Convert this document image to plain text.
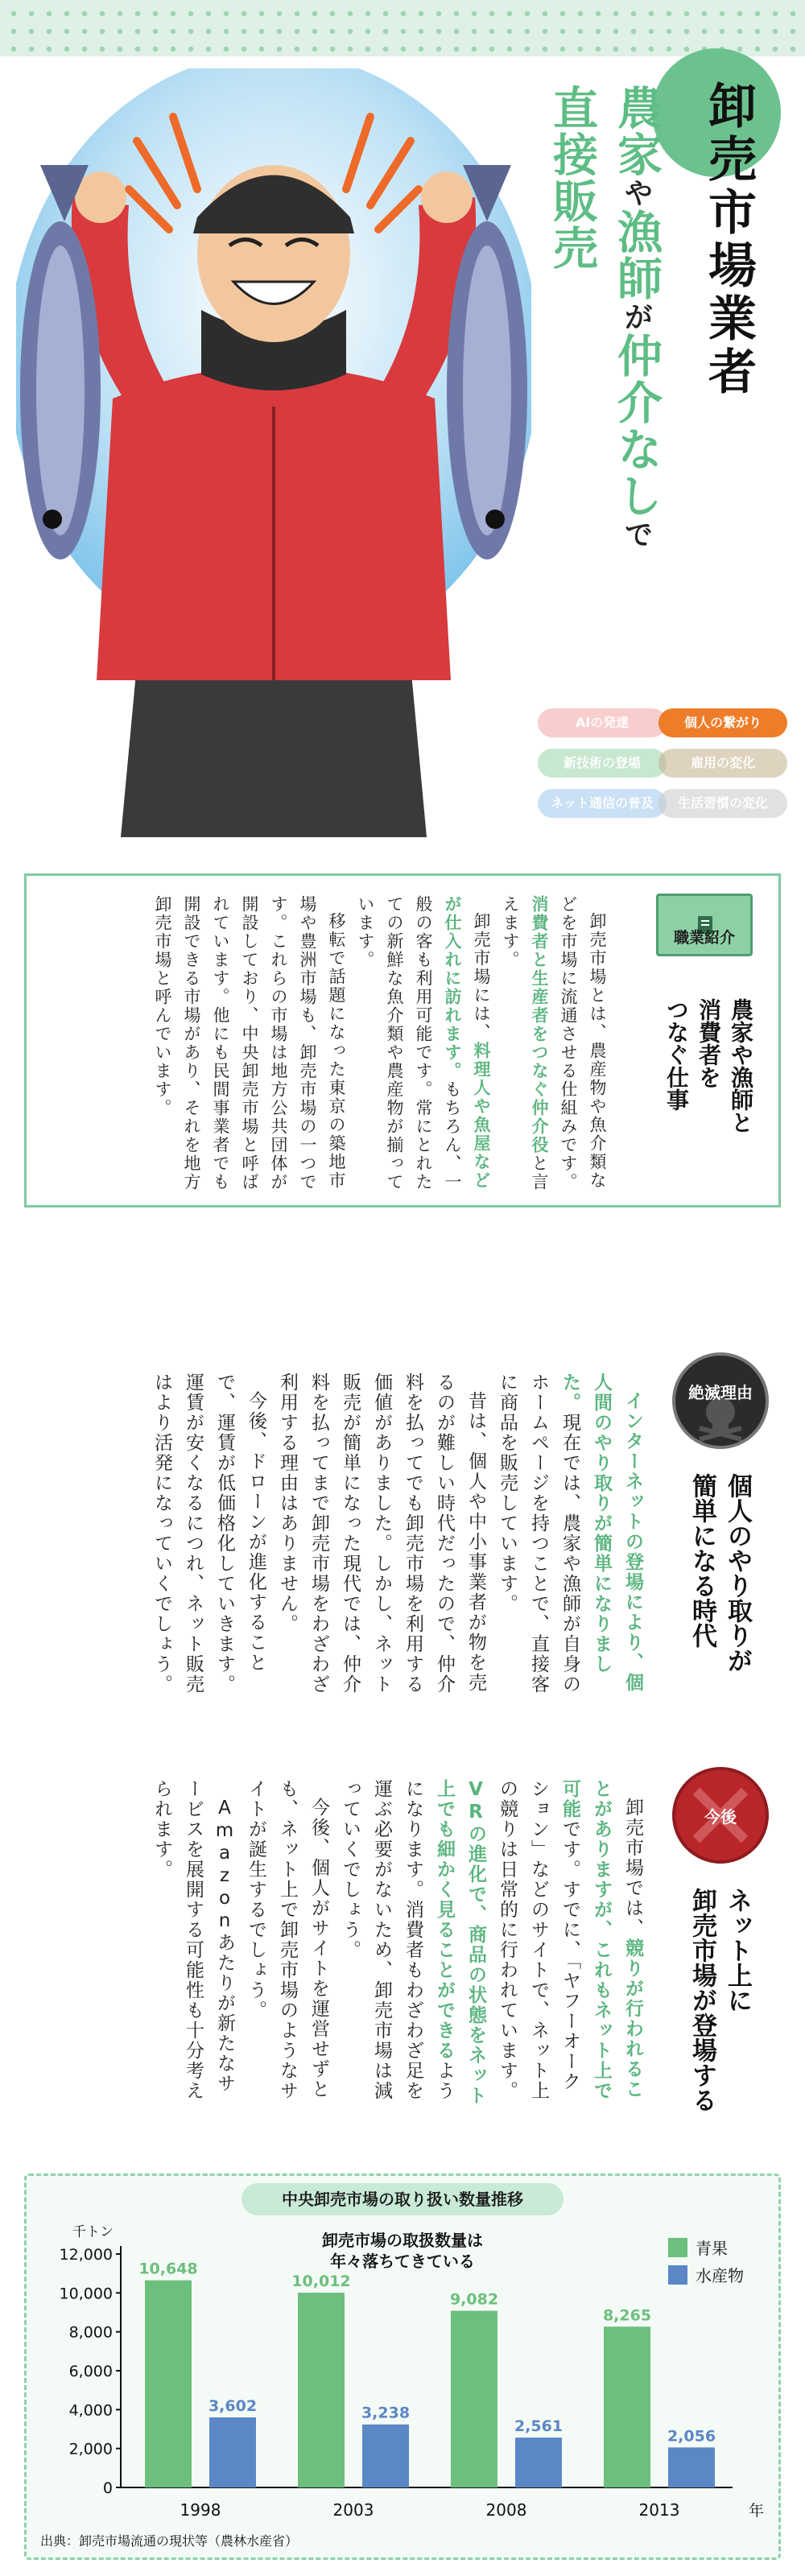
卸売市場業者
農家や漁師が仲介なしで
直接販売
AIの発達	個人の繋がり
新技術の登場	雇用の変化
ネット通信の普及	生活習慣の変化
農家や漁師と
消費者を
つなぐ仕事
卸売市場とは、農産物や魚介類などを市場に流通させる仕組みです。消費者と生産者をつなぐ仲介役と言えます。
卸売市場には、料理人や魚屋などが仕入れに訪れます。もちろん、一般の客も利用可能です。常にとれたての新鮮な魚介類や農産物が揃っています。
移転で話題になった東京の築地市場や豊洲市場も、卸売市場の一つです。これらの市場は地方公共団体が開設しており、中央卸売市場と呼ばれています。他にも民間事業者でも開設できる市場があり、それを地方卸売市場と呼んでいます。
絶滅理由
個人のやり取りが
簡単になる時代
インターネットの登場により、個人間のやり取りが簡単になりました。現在では、農家や漁師が自身のホームページを持つことで、直接客に商品を販売しています。
昔は、個人や中小事業者が物を売るのが難しい時代だったので、仲介料を払ってでも卸売市場を利用する価値がありました。しかし、ネット販売が簡単になった現代では、仲介料を払ってまで卸売市場をわざわざ利用する理由はありません。
今後、ドローンが進化することで、運賃が低価格化していきます。運賃が安くなるにつれ、ネット販売はより活発になっていくでしょう。
今後
ネット上に
卸売市場が登場する
卸売市場では、競りが行われることがありますが、これもネット上で可能です。すでに、「ヤフーオークション」などのサイトで、ネット上の競りは日常的に行われています。VRの進化で、商品の状態をネット上でも細かく見ることができるようになります。消費者もわざわざ足を運ぶ必要がないため、卸売市場は減っていくでしょう。
今後、個人がサイトを運営せずとも、ネット上で卸売市場のようなサイトが誕生するでしょう。
Amazonあたりが新たなサービスを展開する可能性も十分考えられます。
中央卸売市場の取り扱い数量推移
0
2,000
4,000
6,000
8,000
10,000
12,000
千トン
年
10,648
3,602
1998
10,012
3,238
2003
9,082
2,561
2008
8,265
2,056
2013
卸売市場の取扱数量は
年々落ちてきている
青果
水産物
出典：卸売市場流通の現状等（農林水産省）
職業紹介
